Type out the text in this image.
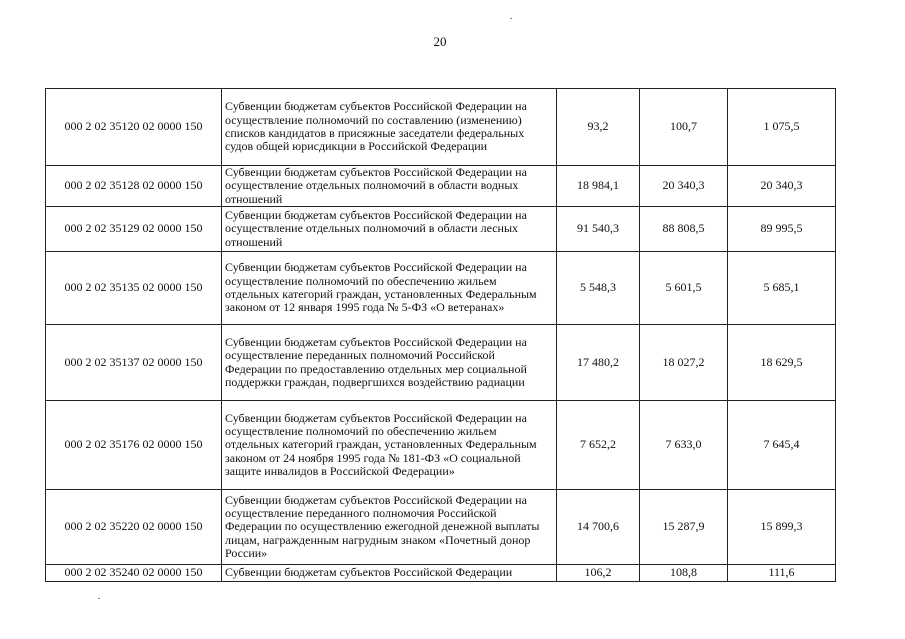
20
000 2 02 35120 02 0000 150	Субвенции бюджетам субъектов Российской Федерации на осуществление полномочий по составлению (изменению) списков кандидатов в присяжные заседатели федеральных судов общей юрисдикции в Российской Федерации	93,2	100,7	1 075,5
000 2 02 35128 02 0000 150	Субвенции бюджетам субъектов Российской Федерации на осуществление отдельных полномочий в области водных отношений	18 984,1	20 340,3	20 340,3
000 2 02 35129 02 0000 150	Субвенции бюджетам субъектов Российской Федерации на осуществление отдельных полномочий в области лесных отношений	91 540,3	88 808,5	89 995,5
000 2 02 35135 02 0000 150	Субвенции бюджетам субъектов Российской Федерации на осуществление полномочий по обеспечению жильем отдельных категорий граждан, установленных Федеральным законом от 12 января 1995 года № 5-ФЗ «О ветеранах»	5 548,3	5 601,5	5 685,1
000 2 02 35137 02 0000 150	Субвенции бюджетам субъектов Российской Федерации на осуществление переданных полномочий Российской Федерации по предоставлению отдельных мер социальной поддержки граждан, подвергшихся воздействию радиации	17 480,2	18 027,2	18 629,5
000 2 02 35176 02 0000 150	Субвенции бюджетам субъектов Российской Федерации на осуществление полномочий по обеспечению жильем отдельных категорий граждан, установленных Федеральным законом от 24 ноября 1995 года № 181-ФЗ «О социальной защите инвалидов в Российской Федерации»	7 652,2	7 633,0	7 645,4
000 2 02 35220 02 0000 150	Субвенции бюджетам субъектов Российской Федерации на осуществление переданного полномочия Российской Федерации по осуществлению ежегодной денежной выплаты лицам, награжденным нагрудным знаком «Почетный донор России»	14 700,6	15 287,9	15 899,3
000 2 02 35240 02 0000 150	Субвенции бюджетам субъектов Российской Федерации	106,2	108,8	111,6
